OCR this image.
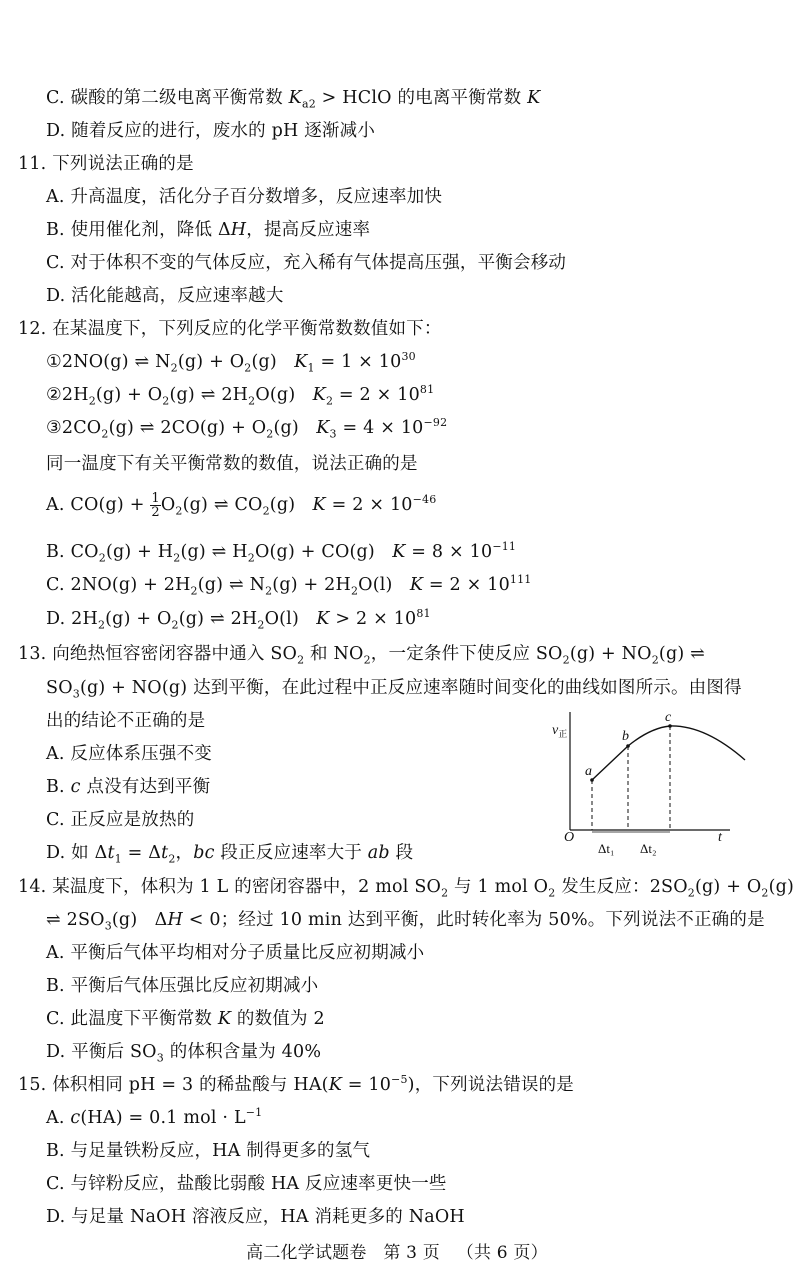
C. 碳酸的第二级电离平衡常数 $K_{a2}$ > HClO 的电离平衡常数 K
D. 随着反应的进行，废水的 pH 逐渐减小
11. 下列说法正确的是
A. 升高温度，活化分子百分数增多，反应速率加快
B. 使用催化剂，降低 ΔH，提高反应速率
C. 对于体积不变的气体反应，充入稀有气体提高压强，平衡会移动
D. 活化能越高，反应速率越大
12. 在某温度下，下列反应的化学平衡常数数值如下：
①2NO(g) ⇌ $N_2(g) + O_2(g) K_1 = 1 \times 10^{30}$
$②2H_2(g) + O_2(g)$ ⇌ $2H_2O(g) K_2 = 2 \times 10^{81}$
$③2CO_2(g)$ ⇌ $2CO(g) + O_2(g) K_3 = 4 \times 10^{-92}$
同一温度下有关平衡常数的数值，说法正确的是
A. $CO(g) + \frac{1}{2} O_2(g)$ ⇌ $CO_2(g) K = 2 \times 10^{-46}$
B. $CO_2(g) + H_2(g)$ ⇌ $H_2O(g) + CO(g) K = 8 \times 10^{-11}$
C. $2NO(g) + 2H_2(g)$ ⇌ $N_2(g) + 2H_2O(l) K = 2 \times 10^{111}$
D. $2H_2(g) + O_2(g)$ ⇌ $2H_2O(l) K > 2 \times 10^{81}$
13. 向绝热恒容密闭容器中通入 $SO_2$ 和 $NO_2$，一定条件下使反应 $SO_2(g) + NO_2(g)$ ⇌
$SO_3(g) + NO(g)$ 达到平衡，在此过程中正反应速率随时间变化的曲线如图所示。由图得
出的结论不正确的是
A. 反应体系压强不变
B. c 点没有达到平衡
C. 正反应是放热的
D. 如 $\Delta t_1 = \Delta t_2$，bc 段正反应速率大于 ab 段
$v_正$
t
O
a
b
c
Δt₁ Δt₂
14. 某温度下，体积为 1 L 的密闭容器中，2 mol $SO_2$ 与 1 mol $O_2$ 发生反应：$2SO_2(g) + O_2(g)$
⇌ $2SO_3(g) \Delta H < 0$；经过 10 min 达到平衡，此时转化率为 50%。下列说法不正确的是
A. 平衡后气体平均相对分子质量比反应初期减小
B. 平衡后气体压强比反应初期减小
C. 此温度下平衡常数 K 的数值为 2
D. 平衡后 $SO_3$ 的体积含量为 40%
15. 体积相同 pH = 3 的稀盐酸与 $HA(K = 10^{-5})$，下列说法错误的是
A. c(HA) = 0.1 mol · $L^{-1}$
B. 与足量铁粉反应，HA 制得更多的氢气
C. 与锌粉反应，盐酸比弱酸 HA 反应速率更快一些
D. 与足量 NaOH 溶液反应，HA 消耗更多的 NaOH
高二化学试题卷   第 3 页   （共 6 页）
